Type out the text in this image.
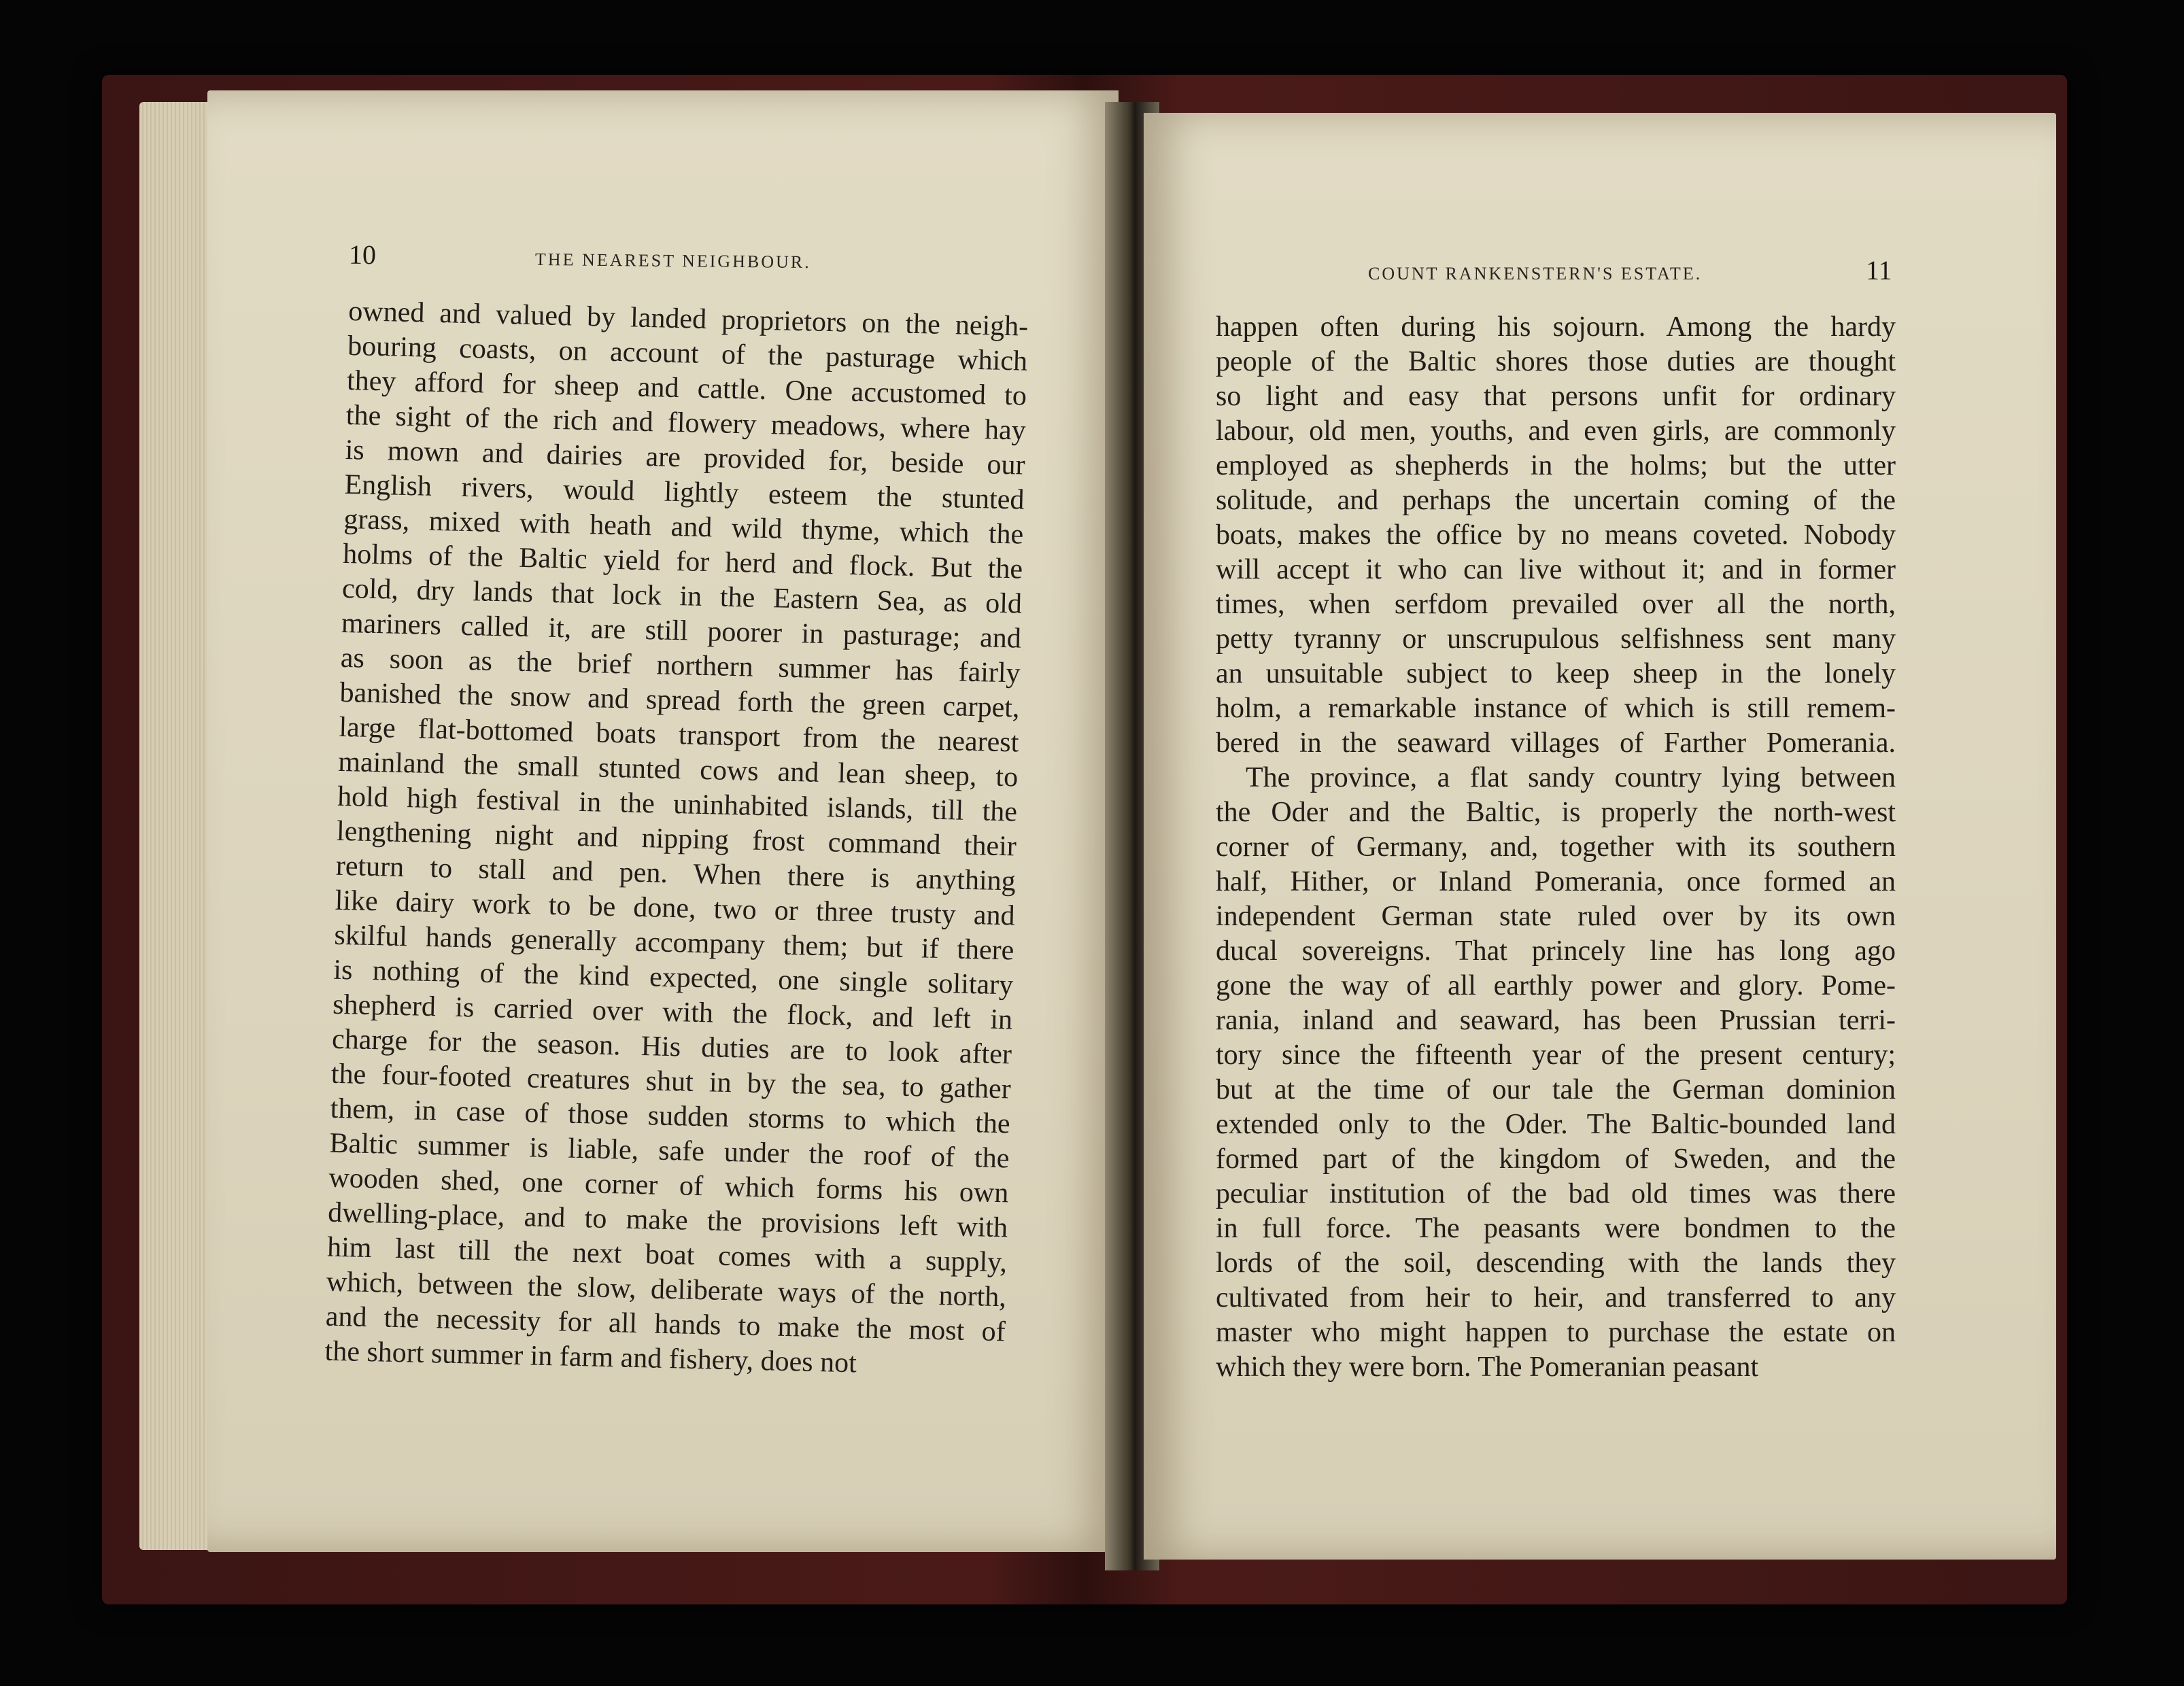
10	THE NEAREST NEIGHBOUR.
owned and valued by landed proprietors on the neigh-
bouring coasts, on account of the pasturage which
they afford for sheep and cattle. One accustomed to
the sight of the rich and flowery meadows, where hay
is mown and dairies are provided for, beside our
English rivers, would lightly esteem the stunted
grass, mixed with heath and wild thyme, which the
holms of the Baltic yield for herd and flock. But the
cold, dry lands that lock in the Eastern Sea, as old
mariners called it, are still poorer in pasturage; and
as soon as the brief northern summer has fairly
banished the snow and spread forth the green carpet,
large flat-bottomed boats transport from the nearest
mainland the small stunted cows and lean sheep, to
hold high festival in the uninhabited islands, till the
lengthening night and nipping frost command their
return to stall and pen. When there is anything
like dairy work to be done, two or three trusty and
skilful hands generally accompany them; but if there
is nothing of the kind expected, one single solitary
shepherd is carried over with the flock, and left in
charge for the season. His duties are to look after
the four-footed creatures shut in by the sea, to gather
them, in case of those sudden storms to which the
Baltic summer is liable, safe under the roof of the
wooden shed, one corner of which forms his own
dwelling-place, and to make the provisions left with
him last till the next boat comes with a supply,
which, between the slow, deliberate ways of the north,
and the necessity for all hands to make the most of
the short summer in farm and fishery, does not
COUNT RANKENSTERN'S ESTATE.	11
happen often during his sojourn. Among the hardy
people of the Baltic shores those duties are thought
so light and easy that persons unfit for ordinary
labour, old men, youths, and even girls, are commonly
employed as shepherds in the holms; but the utter
solitude, and perhaps the uncertain coming of the
boats, makes the office by no means coveted. Nobody
will accept it who can live without it; and in former
times, when serfdom prevailed over all the north,
petty tyranny or unscrupulous selfishness sent many
an unsuitable subject to keep sheep in the lonely
holm, a remarkable instance of which is still remem-
bered in the seaward villages of Farther Pomerania.
The province, a flat sandy country lying between
the Oder and the Baltic, is properly the north-west
corner of Germany, and, together with its southern
half, Hither, or Inland Pomerania, once formed an
independent German state ruled over by its own
ducal sovereigns. That princely line has long ago
gone the way of all earthly power and glory. Pome-
rania, inland and seaward, has been Prussian terri-
tory since the fifteenth year of the present century;
but at the time of our tale the German dominion
extended only to the Oder. The Baltic-bounded land
formed part of the kingdom of Sweden, and the
peculiar institution of the bad old times was there
in full force. The peasants were bondmen to the
lords of the soil, descending with the lands they
cultivated from heir to heir, and transferred to any
master who might happen to purchase the estate on
which they were born. The Pomeranian peasant
